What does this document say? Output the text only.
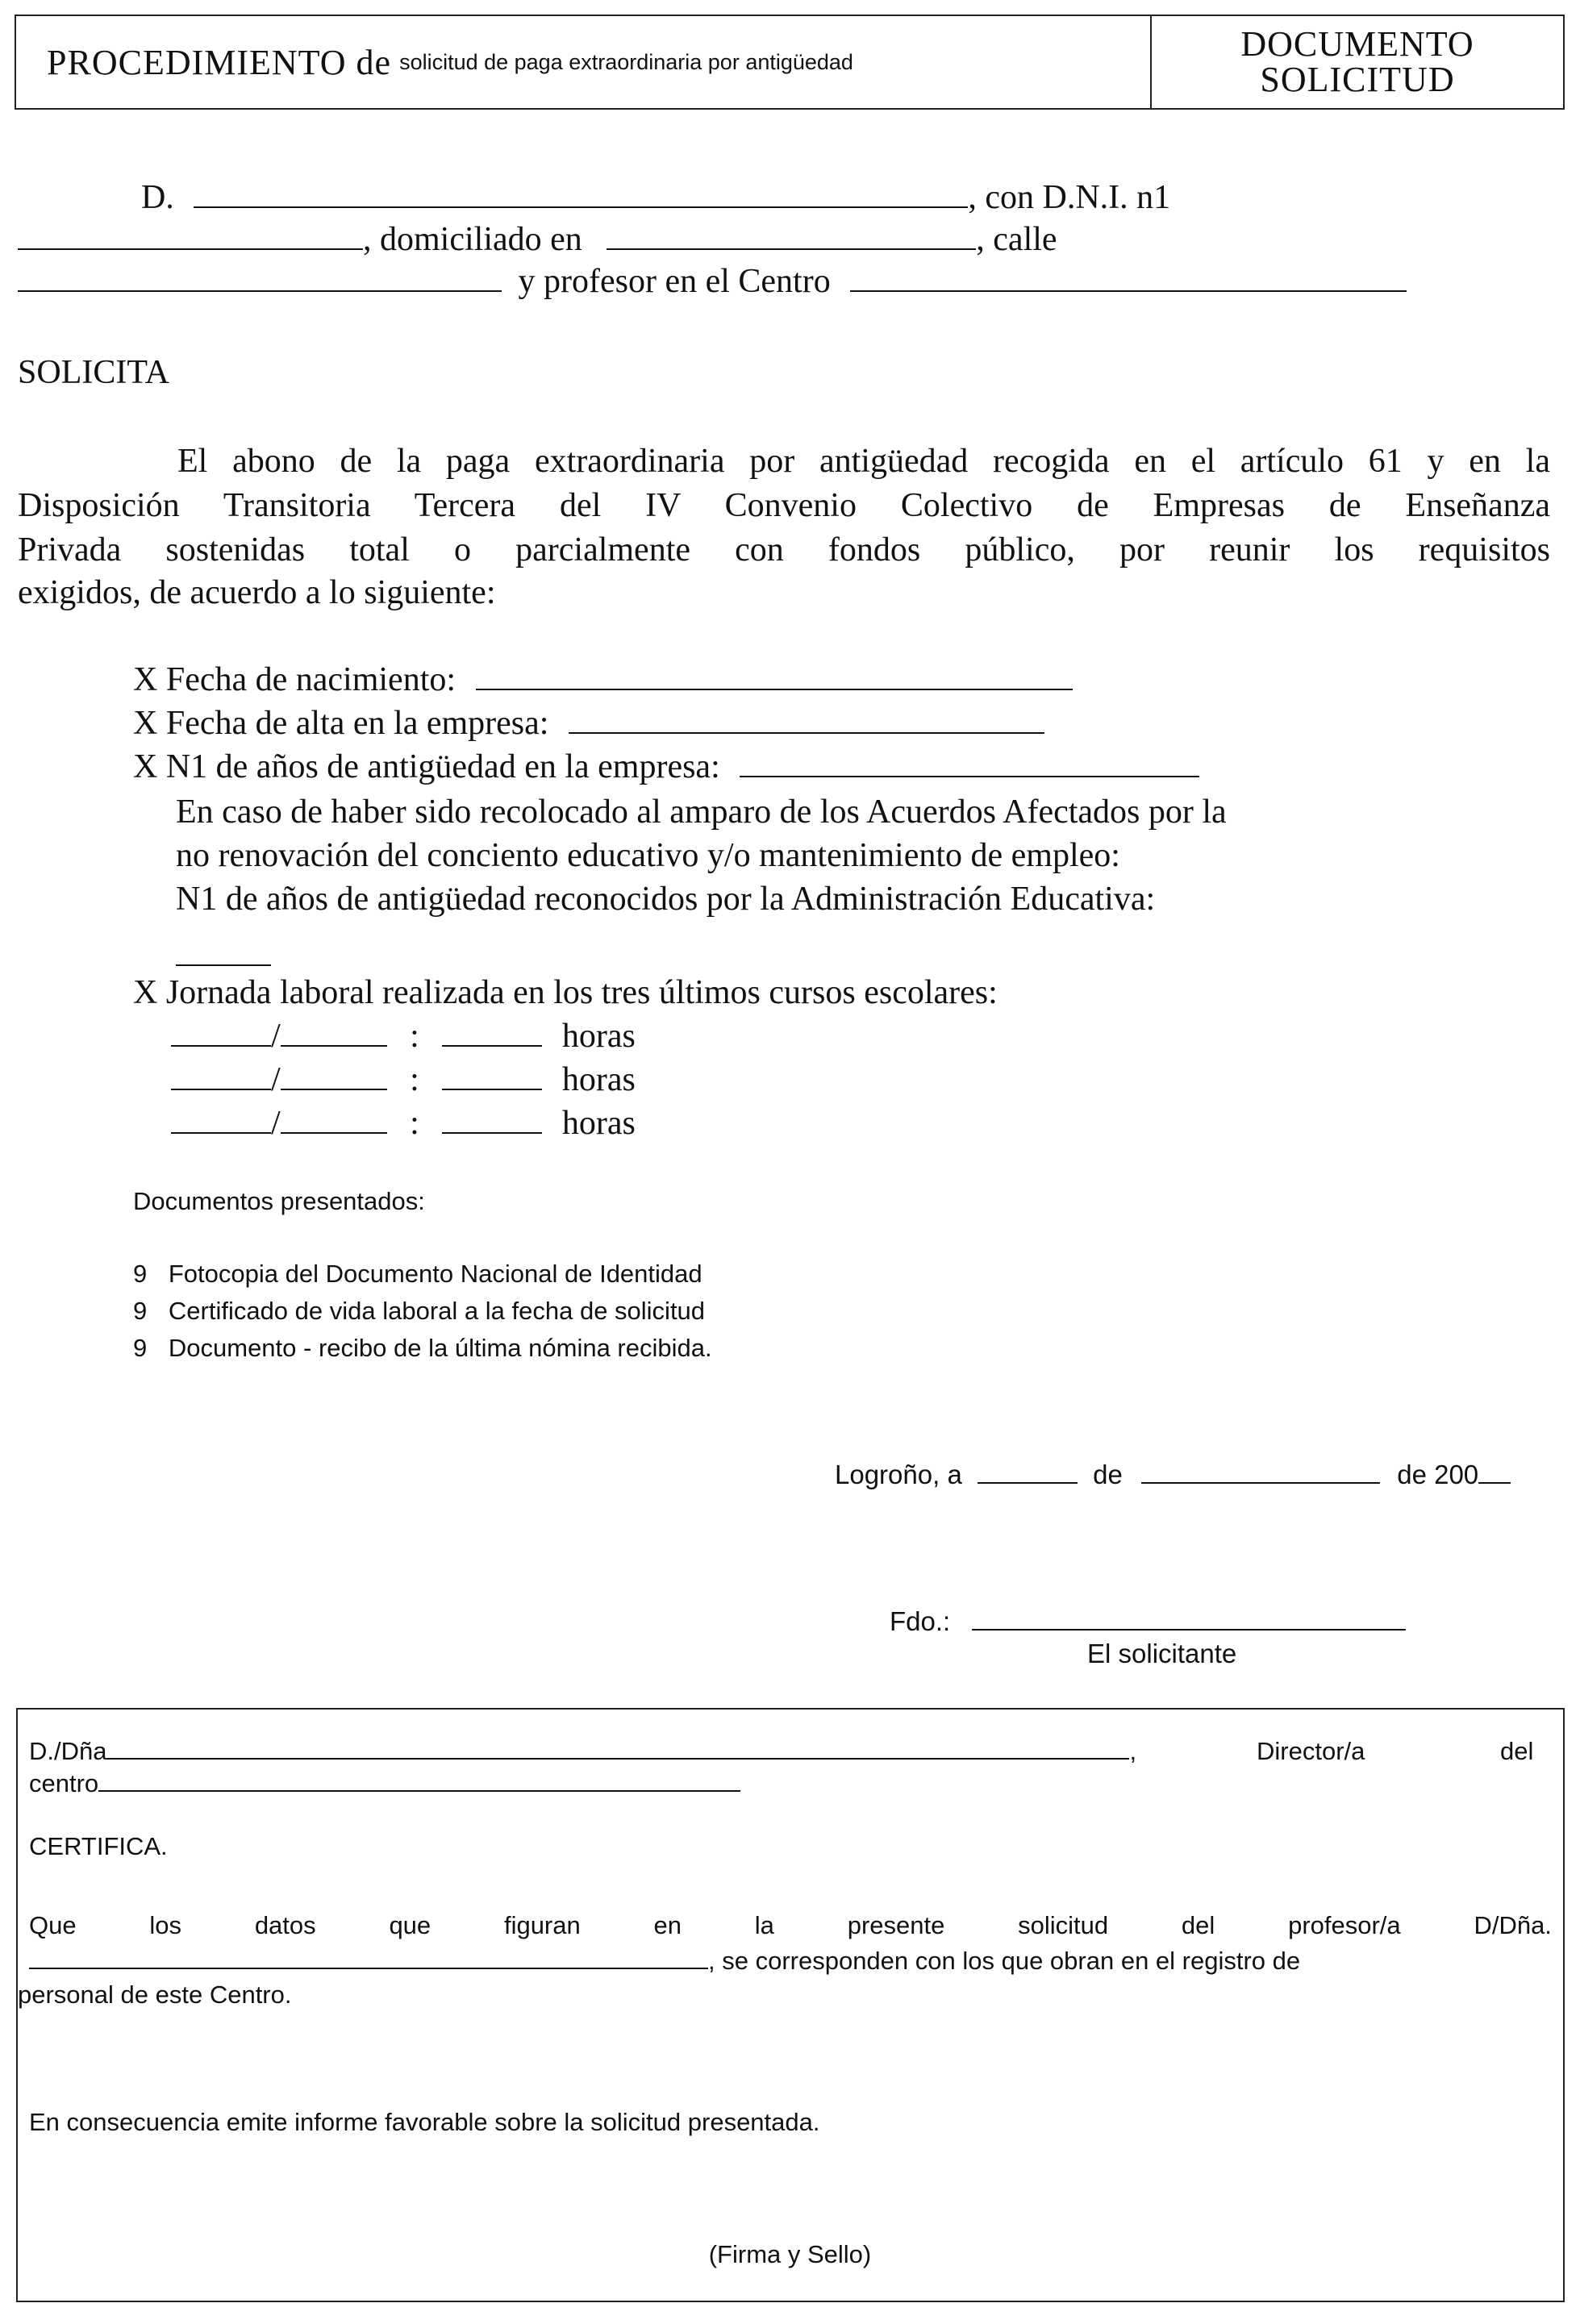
PROCEDIMIENTO de solicitud de paga extraordinaria por antigüedad	DOCUMENTO
SOLICITUD
D.	, con D.N.I. n1
, domiciliado en	, calle
y profesor en el Centro
SOLICITA
El abono de la paga extraordinaria por antigüedad recogida en el artículo 61 y en la
Disposición Transitoria Tercera del IV Convenio Colectivo de Empresas de Enseñanza
Privada sostenidas total o parcialmente con fondos público, por reunir los requisitos
exigidos, de acuerdo a lo siguiente:
X Fecha de nacimiento:
X Fecha de alta en la empresa:
X N1 de años de antigüedad en la empresa:
En caso de haber sido recolocado al amparo de los Acuerdos Afectados por la
no renovación del conciento educativo y/o mantenimiento de empleo:
N1 de años de antigüedad reconocidos por la Administración Educativa:
X Jornada laboral realizada en los tres últimos cursos escolares:
/	:	horas
/	:	horas
/	:	horas
Documentos presentados:
9 Fotocopia del Documento Nacional de Identidad
9 Certificado de vida laboral a la fecha de solicitud
9 Documento - recibo de la última nómina recibida.
Logroño, a	de	de 200
Fdo.:
El solicitante
D./Dña	,	Director/a	del
centro
CERTIFICA.
Que	los	datos	que	figuran	en	la	presente	solicitud	del	profesor/a	D/Dña.
, se corresponden con los que obran en el registro de
personal de este Centro.
En consecuencia emite informe favorable sobre la solicitud presentada.
(Firma y Sello)
